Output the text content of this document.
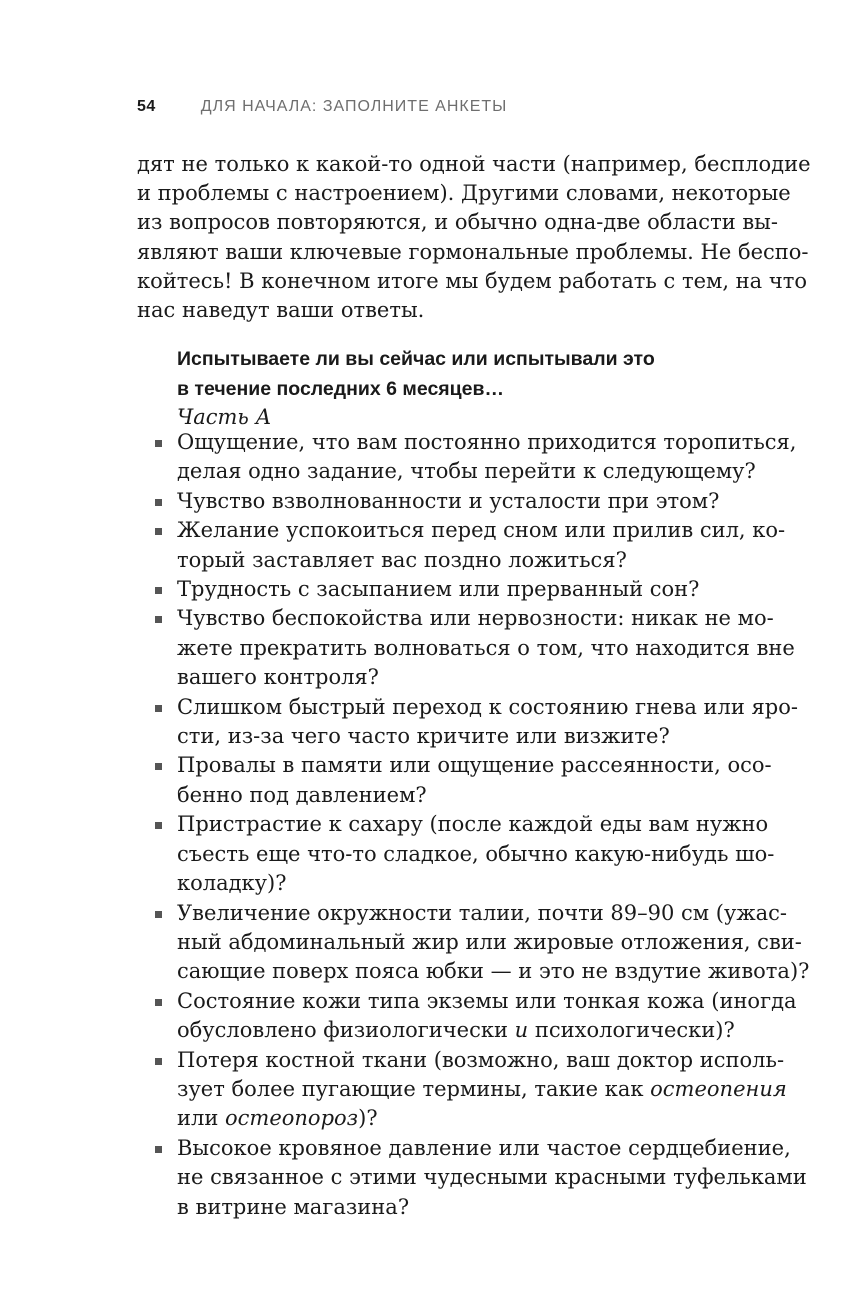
54	ДЛЯ НАЧАЛА: ЗАПОЛНИТЕ АНКЕТЫ
дят не только к какой-то одной части (например, бесплодие
и проблемы с настроением). Другими словами, некоторые
из вопросов повторяются, и обычно одна-две области вы-
являют ваши ключевые гормональные проблемы. Не беспо-
койтесь! В конечном итоге мы будем работать с тем, на что
нас наведут ваши ответы.
Испытываете ли вы сейчас или испытывали это
в течение последних 6 месяцев…
Часть А
Ощущение, что вам постоянно приходится торопиться,
делая одно задание, чтобы перейти к следующему?
Чувство взволнованности и усталости при этом?
Желание успокоиться перед сном или прилив сил, ко-
торый заставляет вас поздно ложиться?
Трудность с засыпанием или прерванный сон?
Чувство беспокойства или нервозности: никак не мо-
жете прекратить волноваться о том, что находится вне
вашего контроля?
Слишком быстрый переход к состоянию гнева или яро-
сти, из-за чего часто кричите или визжите?
Провалы в памяти или ощущение рассеянности, осо-
бенно под давлением?
Пристрастие к сахару (после каждой еды вам нужно
съесть еще что-то сладкое, обычно какую-нибудь шо-
коладку)?
Увеличение окружности талии, почти 89–90 см (ужас-
ный абдоминальный жир или жировые отложения, сви-
сающие поверх пояса юбки — и это не вздутие живота)?
Состояние кожи типа экземы или тонкая кожа (иногда
обусловлено физиологически и психологически)?
Потеря костной ткани (возможно, ваш доктор исполь-
зует более пугающие термины, такие как остеопения
или остеопороз)?
Высокое кровяное давление или частое сердцебиение,
не связанное с этими чудесными красными туфельками
в витрине магазина?
